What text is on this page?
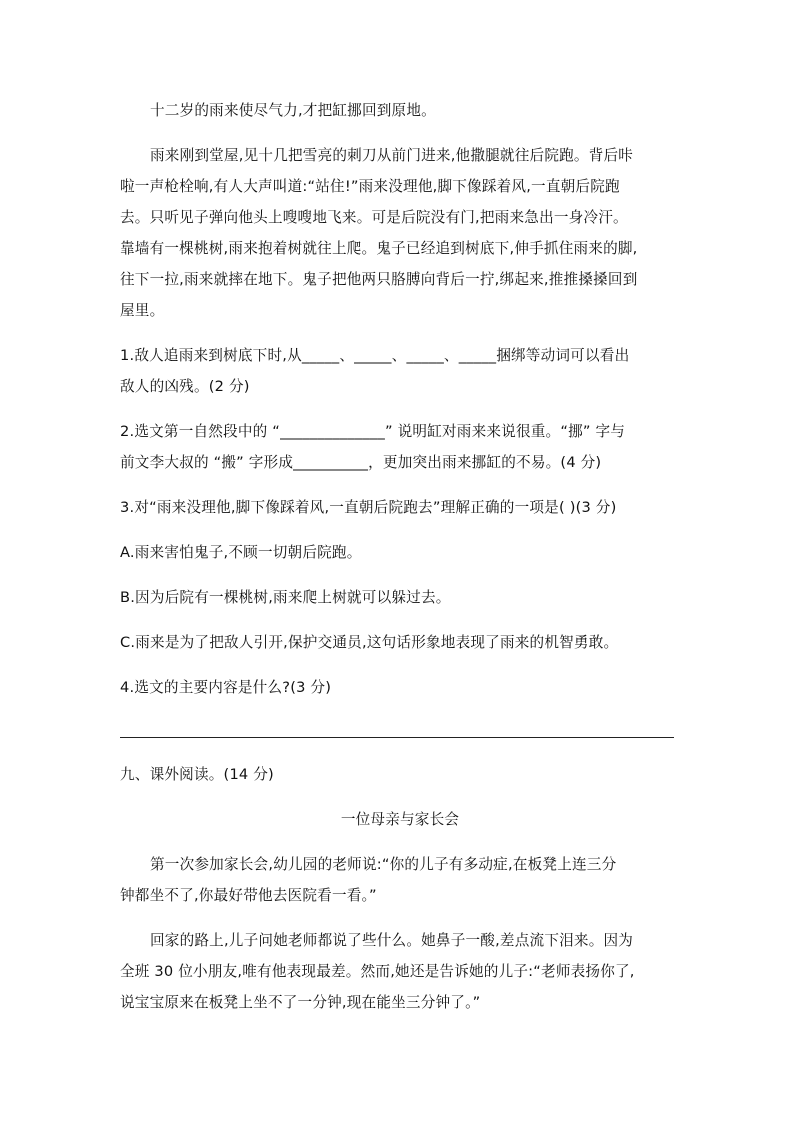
十二岁的雨来使尽气力,才把缸挪回到原地。
雨来刚到堂屋,见十几把雪亮的刺刀从前门进来,他撒腿就往后院跑。背后咔
啦一声枪栓响,有人大声叫道:“站住!”雨来没理他,脚下像踩着风,一直朝后院跑
去。只听见子弹向他头上嗖嗖地飞来。可是后院没有门,把雨来急出一身冷汗。
靠墙有一棵桃树,雨来抱着树就往上爬。鬼子已经追到树底下,伸手抓住雨来的脚,
往下一拉,雨来就摔在地下。鬼子把他两只胳膊向背后一拧,绑起来,推推搡搡回到
屋里。
1.敌人追雨来到树底下时,从_____、_____、_____、_____捆绑等动词可以看出
敌人的凶残。(2 分)
2.选文第一自然段中的 “______________” 说明缸对雨来来说很重。“挪” 字与
前文李大叔的 “搬” 字形成__________，更加突出雨来挪缸的不易。(4 分)
3.对“雨来没理他,脚下像踩着风,一直朝后院跑去”理解正确的一项是( )(3 分)
A.雨来害怕鬼子,不顾一切朝后院跑。
B.因为后院有一棵桃树,雨来爬上树就可以躲过去。
C.雨来是为了把敌人引开,保护交通员,这句话形象地表现了雨来的机智勇敢。
4.选文的主要内容是什么?(3 分)
九、课外阅读。(14 分)
一位母亲与家长会
第一次参加家长会,幼儿园的老师说:“你的儿子有多动症,在板凳上连三分
钟都坐不了,你最好带他去医院看一看。”
回家的路上,儿子问她老师都说了些什么。她鼻子一酸,差点流下泪来。因为
全班 30 位小朋友,唯有他表现最差。然而,她还是告诉她的儿子:“老师表扬你了,
说宝宝原来在板凳上坐不了一分钟,现在能坐三分钟了。”
